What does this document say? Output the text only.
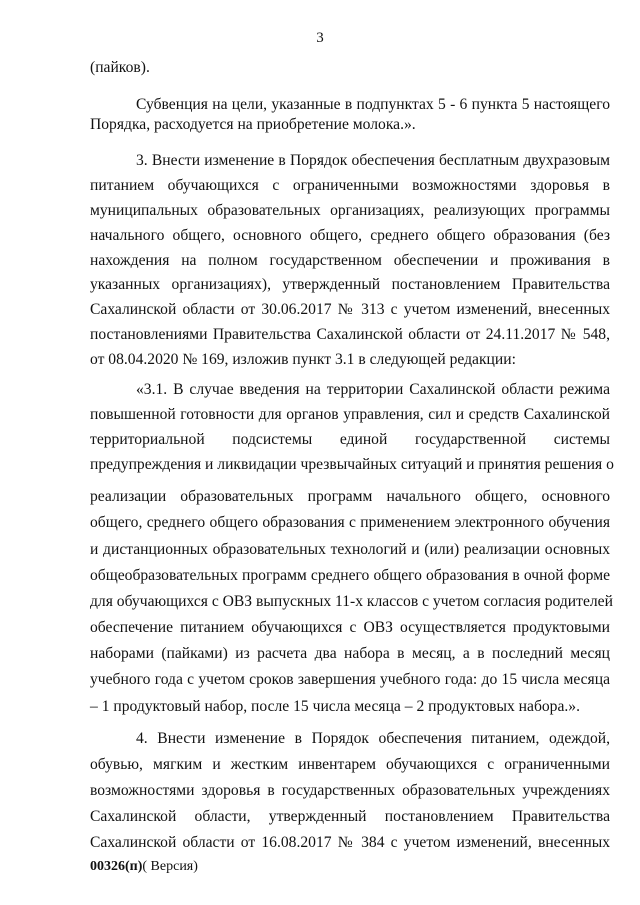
3
(пайков).
Субвенция на цели, указанные в подпунктах 5 - 6 пункта 5 настоящего
Порядка, расходуется на приобретение молока.».
3. Внести изменение в Порядок обеспечения бесплатным двухразовым
питанием обучающихся с ограниченными возможностями здоровья в
муниципальных образовательных организациях, реализующих программы
начального общего, основного общего, среднего общего образования (без
нахождения на полном государственном обеспечении и проживания в
указанных организациях), утвержденный постановлением Правительства
Сахалинской области от 30.06.2017 № 313 с учетом изменений, внесенных
постановлениями Правительства Сахалинской области от 24.11.2017 № 548,
от 08.04.2020 № 169, изложив пункт 3.1 в следующей редакции:
«3.1. В случае введения на территории Сахалинской области режима
повышенной готовности для органов управления, сил и средств Сахалинской
территориальной подсистемы единой государственной системы
предупреждения и ликвидации чрезвычайных ситуаций и принятия решения о
реализации образовательных программ начального общего, основного
общего, среднего общего образования с применением электронного обучения
и дистанционных образовательных технологий и (или) реализации основных
общеобразовательных программ среднего общего образования в очной форме
для обучающихся с ОВЗ выпускных 11-х классов с учетом согласия родителей
обеспечение питанием обучающихся с ОВЗ осуществляется продуктовыми
наборами (пайками) из расчета два набора в месяц, а в последний месяц
учебного года с учетом сроков завершения учебного года: до 15 числа месяца
– 1 продуктовый набор, после 15 числа месяца – 2 продуктовых набора.».
4. Внести изменение в Порядок обеспечения питанием, одеждой,
обувью, мягким и жестким инвентарем обучающихся с ограниченными
возможностями здоровья в государственных образовательных учреждениях
Сахалинской области, утвержденный постановлением Правительства
Сахалинской области от 16.08.2017 № 384 с учетом изменений, внесенных
00326(п)( Версия)
